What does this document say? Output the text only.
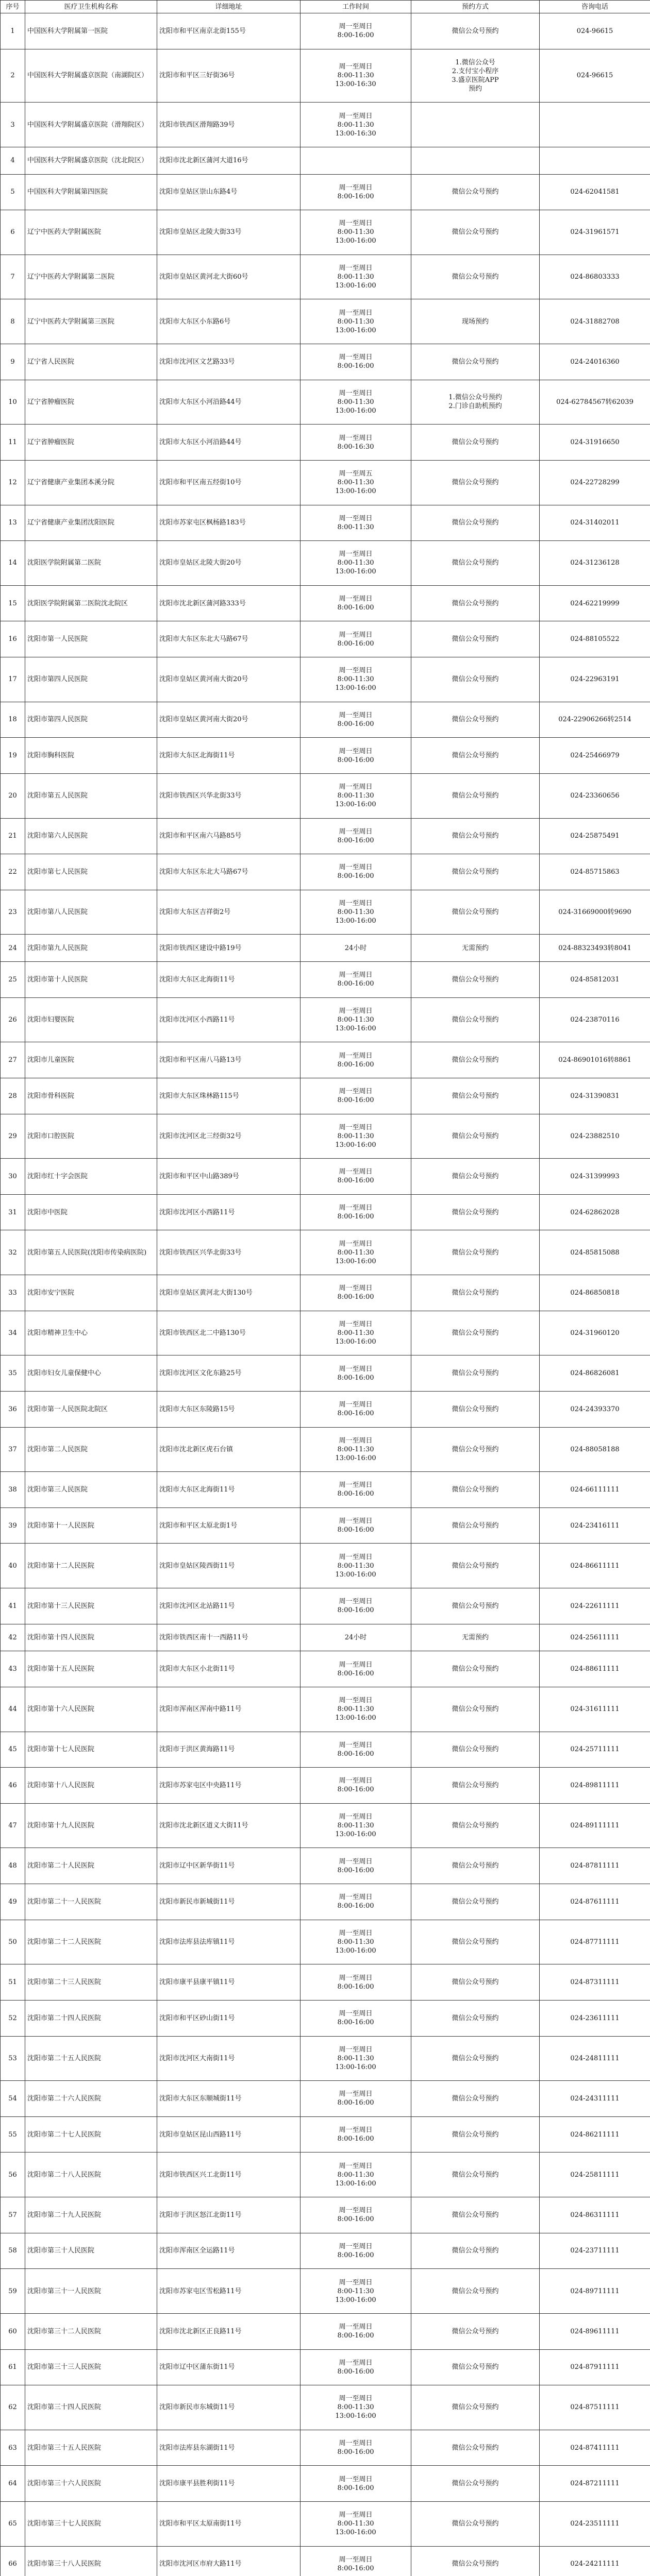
序号	医疗卫生机构名称	详细地址	工作时间	预约方式	咨询电话
1	中国医科大学附属第一医院	沈阳市和平区南京北街155号	周一至周日
8:00-16:00	微信公众号预约	024-96615
2	中国医科大学附属盛京医院（南湖院区）	沈阳市和平区三好街36号	周一至周日
8:00-11:30
13:00-16:30	1.微信公众号
2.支付宝小程序
3.盛京医院APP
预约	024-96615
3	中国医科大学附属盛京医院（滑翔院区）	沈阳市铁西区滑翔路39号	周一至周日
8:00-11:30
13:00-16:30		
4	中国医科大学附属盛京医院（沈北院区）	沈阳市沈北新区蒲河大道16号			
5	中国医科大学附属第四医院	沈阳市皇姑区崇山东路4号	周一至周日
8:00-16:00	微信公众号预约	024-62041581
6	辽宁中医药大学附属医院	沈阳市皇姑区北陵大街33号	周一至周日
8:00-11:30
13:00-16:00	微信公众号预约	024-31961571
7	辽宁中医药大学附属第二医院	沈阳市皇姑区黄河北大街60号	周一至周日
8:00-11:30
13:00-16:00	微信公众号预约	024-86803333
8	辽宁中医药大学附属第三医院	沈阳市大东区小东路6号	周一至周日
8:00-11:30
13:00-16:00	现场预约	024-31882708
9	辽宁省人民医院	沈阳市沈河区文艺路33号	周一至周日
8:00-16:00	微信公众号预约	024-24016360
10	辽宁省肿瘤医院	沈阳市大东区小河沿路44号	周一至周日
8:00-11:30
13:00-16:00	1.微信公众号预约
2.门诊自助机预约	024-62784567转62039
11	辽宁省肿瘤医院	沈阳市大东区小河沿路44号	周一至周日
8:00-16:30	微信公众号预约	024-31916650
12	辽宁省健康产业集团本溪分院	沈阳市和平区南五经街10号	周一至周五
8:00-11:30
13:00-16:00	微信公众号预约	024-22728299
13	辽宁省健康产业集团沈阳医院	沈阳市苏家屯区枫杨路183号	周一至周日
8:00-11:30	微信公众号预约	024-31402011
14	沈阳医学院附属第二医院	沈阳市皇姑区北陵大街20号	周一至周日
8:00-11:30
13:00-16:00	微信公众号预约	024-31236128
15	沈阳医学院附属第二医院沈北院区	沈阳市沈北新区蒲河路333号	周一至周日
8:00-16:00	微信公众号预约	024-62219999
16	沈阳市第一人民医院	沈阳市大东区东北大马路67号	周一至周日
8:00-16:00	微信公众号预约	024-88105522
17	沈阳市第四人民医院	沈阳市皇姑区黄河南大街20号	周一至周日
8:00-11:30
13:00-16:00	微信公众号预约	024-22963191
18	沈阳市第四人民医院	沈阳市皇姑区黄河南大街20号	周一至周日
8:00-16:00	微信公众号预约	024-22906266转2514
19	沈阳市胸科医院	沈阳市大东区北海街11号	周一至周日
8:00-16:00	微信公众号预约	024-25466979
20	沈阳市第五人民医院	沈阳市铁西区兴华北街33号	周一至周日
8:00-11:30
13:00-16:00	微信公众号预约	024-23360656
21	沈阳市第六人民医院	沈阳市和平区南六马路85号	周一至周日
8:00-16:00	微信公众号预约	024-25875491
22	沈阳市第七人民医院	沈阳市大东区东北大马路67号	周一至周日
8:00-16:00	微信公众号预约	024-85715863
23	沈阳市第八人民医院	沈阳市大东区吉祥街2号	周一至周日
8:00-11:30
13:00-16:00	微信公众号预约	024-31669000转9690
24	沈阳市第九人民医院	沈阳市铁西区建设中路19号	24小时	无需预约	024-88323493转8041
25	沈阳市第十人民医院	沈阳市大东区北海街11号	周一至周日
8:00-16:00	微信公众号预约	024-85812031
26	沈阳市妇婴医院	沈阳市沈河区小西路11号	周一至周日
8:00-11:30
13:00-16:00	微信公众号预约	024-23870116
27	沈阳市儿童医院	沈阳市和平区南八马路13号	周一至周日
8:00-16:00	微信公众号预约	024-86901016转8861
28	沈阳市骨科医院	沈阳市大东区珠林路115号	周一至周日
8:00-16:00	微信公众号预约	024-31390831
29	沈阳市口腔医院	沈阳市沈河区北三经街32号	周一至周日
8:00-11:30
13:00-16:00	微信公众号预约	024-23882510
30	沈阳市红十字会医院	沈阳市和平区中山路389号	周一至周日
8:00-16:00	微信公众号预约	024-31399993
31	沈阳市中医院	沈阳市沈河区小西路11号	周一至周日
8:00-16:00	微信公众号预约	024-62862028
32	沈阳市第五人民医院(沈阳市传染病医院)	沈阳市铁西区兴华北街33号	周一至周日
8:00-11:30
13:00-16:00	微信公众号预约	024-85815088
33	沈阳市安宁医院	沈阳市皇姑区黄河北大街130号	周一至周日
8:00-16:00	微信公众号预约	024-86850818
34	沈阳市精神卫生中心	沈阳市铁西区北二中路130号	周一至周日
8:00-11:30
13:00-16:00	微信公众号预约	024-31960120
35	沈阳市妇女儿童保健中心	沈阳市沈河区文化东路25号	周一至周日
8:00-16:00	微信公众号预约	024-86826081
36	沈阳市第一人民医院北院区	沈阳市大东区东陵路15号	周一至周日
8:00-16:00	微信公众号预约	024-24393370
37	沈阳市第二人民医院	沈阳市沈北新区虎石台镇	周一至周日
8:00-11:30
13:00-16:00	微信公众号预约	024-88058188
38	沈阳市第三人民医院	沈阳市大东区北海街11号	周一至周日
8:00-16:00	微信公众号预约	024-66111111
39	沈阳市第十一人民医院	沈阳市和平区太原北街1号	周一至周日
8:00-16:00	微信公众号预约	024-23416111
40	沈阳市第十二人民医院	沈阳市皇姑区陵西街11号	周一至周日
8:00-11:30
13:00-16:00	微信公众号预约	024-86611111
41	沈阳市第十三人民医院	沈阳市沈河区北站路11号	周一至周日
8:00-16:00	微信公众号预约	024-22611111
42	沈阳市第十四人民医院	沈阳市铁西区南十一西路11号	24小时	无需预约	024-25611111
43	沈阳市第十五人民医院	沈阳市大东区小北街11号	周一至周日
8:00-16:00	微信公众号预约	024-88611111
44	沈阳市第十六人民医院	沈阳市浑南区浑南中路11号	周一至周日
8:00-11:30
13:00-16:00	微信公众号预约	024-31611111
45	沈阳市第十七人民医院	沈阳市于洪区黄海路11号	周一至周日
8:00-16:00	微信公众号预约	024-25711111
46	沈阳市第十八人民医院	沈阳市苏家屯区中央路11号	周一至周日
8:00-16:00	微信公众号预约	024-89811111
47	沈阳市第十九人民医院	沈阳市沈北新区道义大街11号	周一至周日
8:00-11:30
13:00-16:00	微信公众号预约	024-89111111
48	沈阳市第二十人民医院	沈阳市辽中区新华街11号	周一至周日
8:00-16:00	微信公众号预约	024-87811111
49	沈阳市第二十一人民医院	沈阳市新民市新城街11号	周一至周日
8:00-16:00	微信公众号预约	024-87611111
50	沈阳市第二十二人民医院	沈阳市法库县法库镇11号	周一至周日
8:00-11:30
13:00-16:00	微信公众号预约	024-87711111
51	沈阳市第二十三人民医院	沈阳市康平县康平镇11号	周一至周日
8:00-16:00	微信公众号预约	024-87311111
52	沈阳市第二十四人民医院	沈阳市和平区砂山街11号	周一至周日
8:00-16:00	微信公众号预约	024-23611111
53	沈阳市第二十五人民医院	沈阳市沈河区大南街11号	周一至周日
8:00-11:30
13:00-16:00	微信公众号预约	024-24811111
54	沈阳市第二十六人民医院	沈阳市大东区东顺城街11号	周一至周日
8:00-16:00	微信公众号预约	024-24311111
55	沈阳市第二十七人民医院	沈阳市皇姑区昆山西路11号	周一至周日
8:00-16:00	微信公众号预约	024-86211111
56	沈阳市第二十八人民医院	沈阳市铁西区兴工北街11号	周一至周日
8:00-11:30
13:00-16:00	微信公众号预约	024-25811111
57	沈阳市第二十九人民医院	沈阳市于洪区怒江北街11号	周一至周日
8:00-16:00	微信公众号预约	024-86311111
58	沈阳市第三十人民医院	沈阳市浑南区全运路11号	周一至周日
8:00-16:00	微信公众号预约	024-23711111
59	沈阳市第三十一人民医院	沈阳市苏家屯区雪松路11号	周一至周日
8:00-11:30
13:00-16:00	微信公众号预约	024-89711111
60	沈阳市第三十二人民医院	沈阳市沈北新区正良路11号	周一至周日
8:00-16:00	微信公众号预约	024-89611111
61	沈阳市第三十三人民医院	沈阳市辽中区蒲东街11号	周一至周日
8:00-16:00	微信公众号预约	024-87911111
62	沈阳市第三十四人民医院	沈阳市新民市东城街11号	周一至周日
8:00-11:30
13:00-16:00	微信公众号预约	024-87511111
63	沈阳市第三十五人民医院	沈阳市法库县东湖街11号	周一至周日
8:00-16:00	微信公众号预约	024-87411111
64	沈阳市第三十六人民医院	沈阳市康平县胜利街11号	周一至周日
8:00-16:00	微信公众号预约	024-87211111
65	沈阳市第三十七人民医院	沈阳市和平区太原南街11号	周一至周日
8:00-11:30
13:00-16:00	微信公众号预约	024-23511111
66	沈阳市第三十八人民医院	沈阳市沈河区市府大路11号	周一至周日
8:00-16:00	微信公众号预约	024-24211111
